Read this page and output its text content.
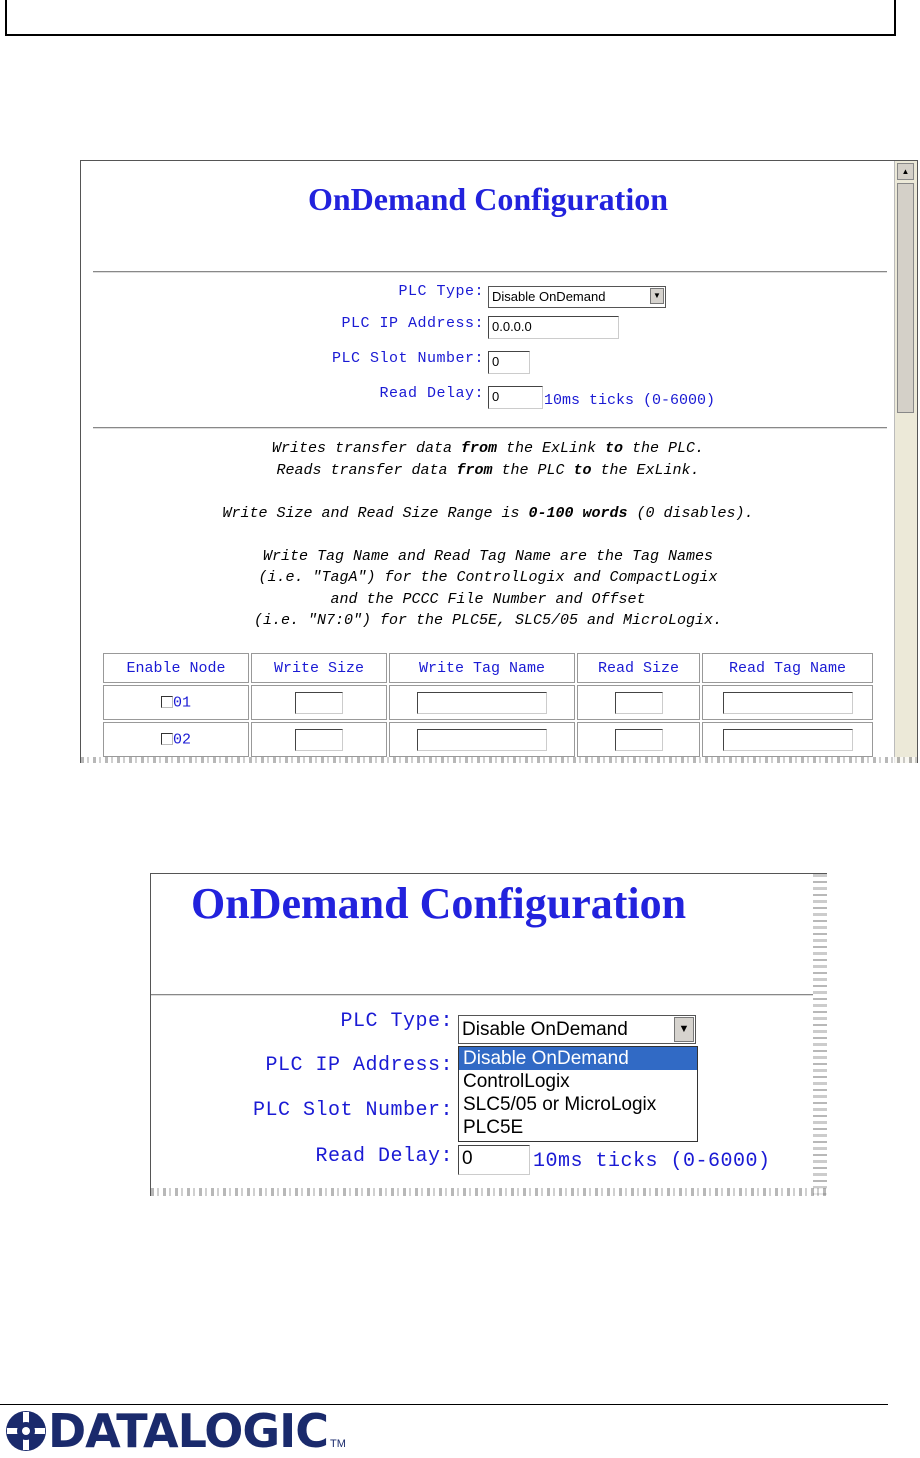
OnDemand Configuration
PLC Type: Disable OnDemand	▼
PLC IP Address: 0.0.0.0
PLC Slot Number: 0
Read Delay: 0	10ms ticks (0-6000)
Writes transfer data from the ExLink to the PLC.
Reads transfer data from the PLC to the ExLink.
Write Size and Read Size Range is 0-100 words (0 disables).
Write Tag Name and Read Tag Name are the Tag Names
(i.e. "TagA") for the ControlLogix and CompactLogix
and the PCCC File Number and Offset
(i.e. "N7:0") for the PLC5E, SLC5/05 and MicroLogix.
Enable Node	Write Size	Write Tag Name	Read Size	Read Tag Name
01				
02				
▲
OnDemand Configuration
PLC Type: Disable OnDemand	▼
PLC IP Address:
PLC Slot Number:
Read Delay: 0	10ms ticks (0-6000)
Disable OnDemand
ControlLogix
SLC5/05 or MicroLogix
PLC5E
DATALOGIC TM
